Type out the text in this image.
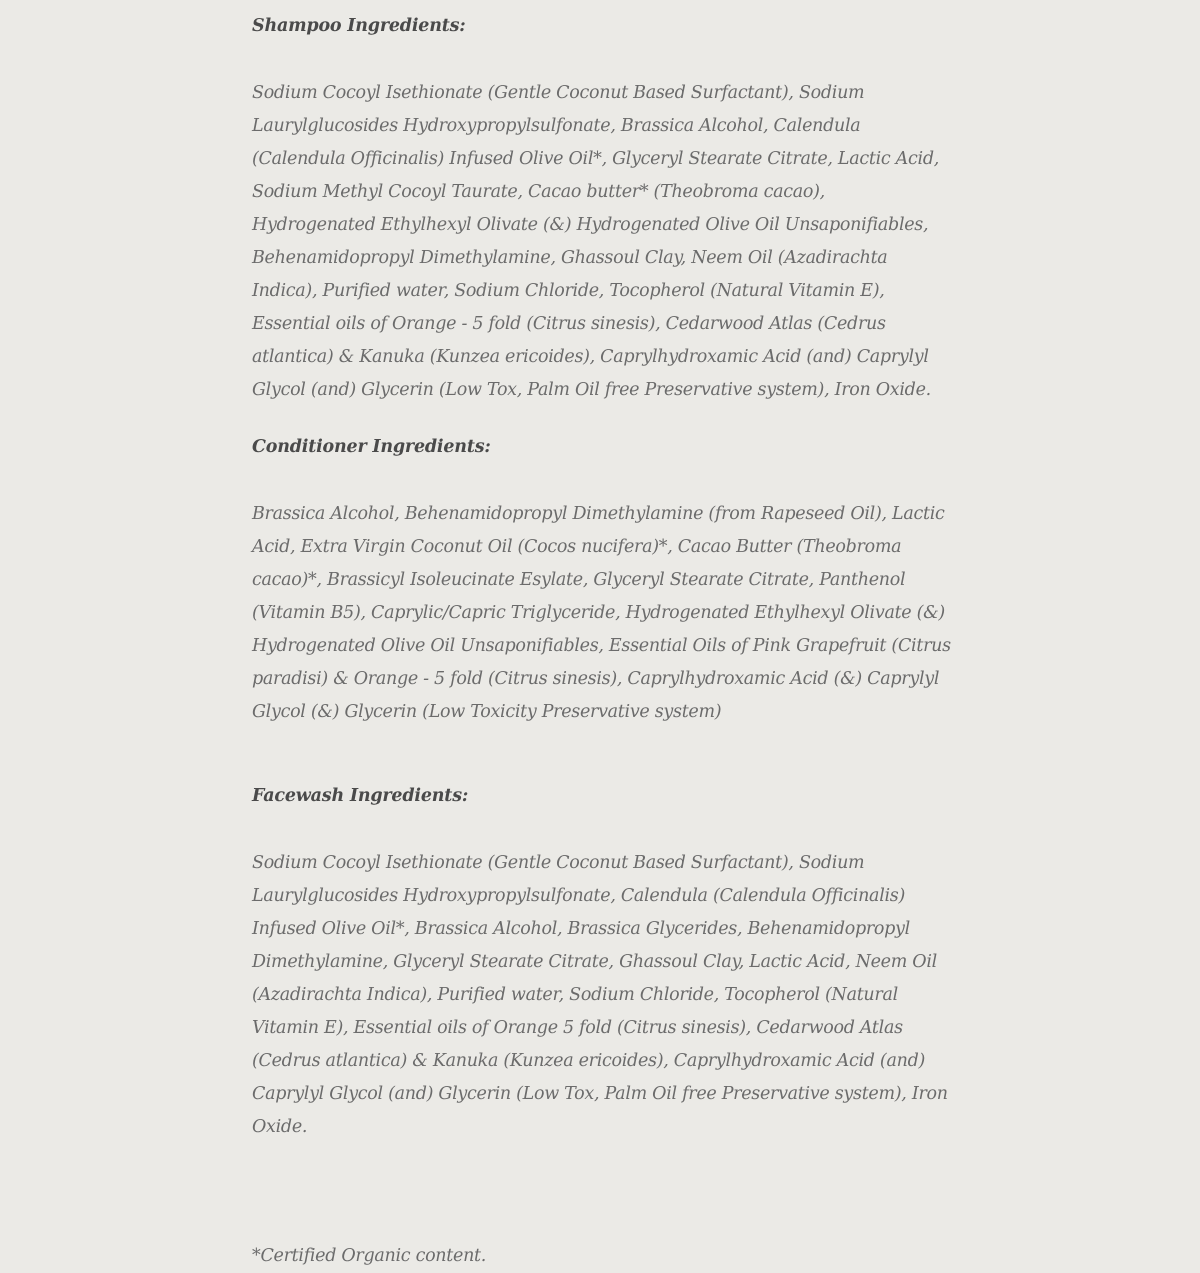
Shampoo Ingredients:

Sodium Cocoyl Isethionate (Gentle Coconut Based Surfactant), Sodium Laurylglucosides Hydroxypropylsulfonate, Brassica Alcohol, Calendula (Calendula Officinalis) Infused Olive Oil*, Glyceryl Stearate Citrate, Lactic Acid, Sodium Methyl Cocoyl Taurate, Cacao butter* (Theobroma cacao), Hydrogenated Ethylhexyl Olivate (&) Hydrogenated Olive Oil Unsaponifiables, Behenamidopropyl Dimethylamine, Ghassoul Clay, Neem Oil (Azadirachta Indica), Purified water, Sodium Chloride, Tocopherol (Natural Vitamin E), Essential oils of Orange - 5 fold (Citrus sinesis), Cedarwood Atlas (Cedrus atlantica) & Kanuka (Kunzea ericoides), Caprylhydroxamic Acid (and) Caprylyl Glycol (and) Glycerin (Low Tox, Palm Oil free Preservative system), Iron Oxide.

Conditioner Ingredients:

Brassica Alcohol, Behenamidopropyl Dimethylamine (from Rapeseed Oil), Lactic Acid, Extra Virgin Coconut Oil (Cocos nucifera)*, Cacao Butter (Theobroma cacao)*, Brassicyl Isoleucinate Esylate, Glyceryl Stearate Citrate, Panthenol (Vitamin B5), Caprylic/Capric Triglyceride, Hydrogenated Ethylhexyl Olivate (&) Hydrogenated Olive Oil Unsaponifiables, Essential Oils of Pink Grapefruit (Citrus paradisi) & Orange - 5 fold (Citrus sinesis), Caprylhydroxamic Acid (&) Caprylyl Glycol (&) Glycerin (Low Toxicity Preservative system)

Facewash Ingredients:

Sodium Cocoyl Isethionate (Gentle Coconut Based Surfactant), Sodium Laurylglucosides Hydroxypropylsulfonate, Calendula (Calendula Officinalis) Infused Olive Oil*, Brassica Alcohol, Brassica Glycerides, Behenamidopropyl Dimethylamine, Glyceryl Stearate Citrate, Ghassoul Clay, Lactic Acid, Neem Oil (Azadirachta Indica), Purified water, Sodium Chloride, Tocopherol (Natural Vitamin E), Essential oils of Orange 5 fold (Citrus sinesis), Cedarwood Atlas (Cedrus atlantica) & Kanuka (Kunzea ericoides), Caprylhydroxamic Acid (and) Caprylyl Glycol (and) Glycerin (Low Tox, Palm Oil free Preservative system), Iron Oxide.

*Certified Organic content.
